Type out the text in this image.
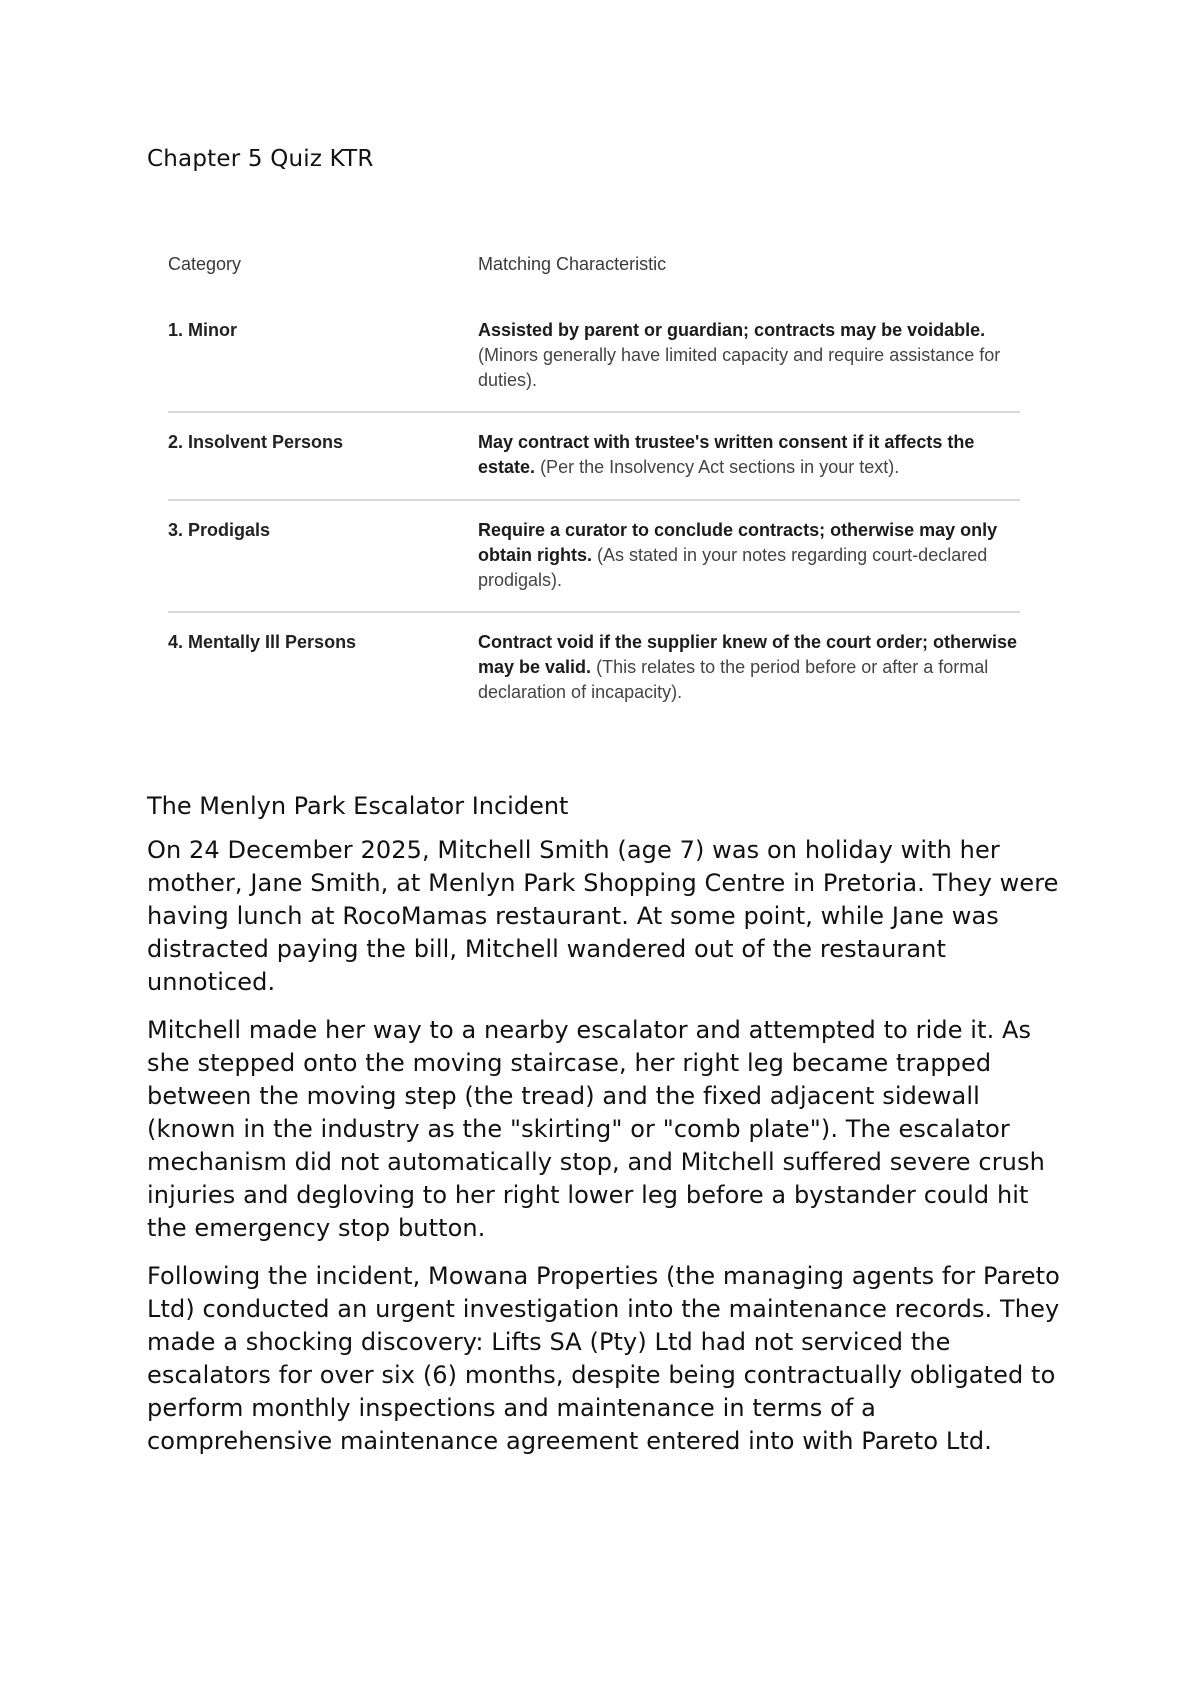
Chapter 5 Quiz KTR
Category	Matching Characteristic
1. Minor	Assisted by parent or guardian; contracts may be voidable. (Minors generally have limited capacity and require assistance for duties).
2. Insolvent Persons	May contract with trustee's written consent if it affects the estate. (Per the Insolvency Act sections in your text).
3. Prodigals	Require a curator to conclude contracts; otherwise may only obtain rights. (As stated in your notes regarding court-declared prodigals).
4. Mentally Ill Persons	Contract void if the supplier knew of the court order; otherwise may be valid. (This relates to the period before or after a formal declaration of incapacity).
The Menlyn Park Escalator Incident

On 24 December 2025, Mitchell Smith (age 7) was on holiday with her mother, Jane Smith, at Menlyn Park Shopping Centre in Pretoria. They were having lunch at RocoMamas restaurant. At some point, while Jane was distracted paying the bill, Mitchell wandered out of the restaurant unnoticed.

Mitchell made her way to a nearby escalator and attempted to ride it. As she stepped onto the moving staircase, her right leg became trapped between the moving step (the tread) and the fixed adjacent sidewall (known in the industry as the "skirting" or "comb plate"). The escalator mechanism did not automatically stop, and Mitchell suffered severe crush injuries and degloving to her right lower leg before a bystander could hit the emergency stop button.

Following the incident, Mowana Properties (the managing agents for Pareto Ltd) conducted an urgent investigation into the maintenance records. They made a shocking discovery: Lifts SA (Pty) Ltd had not serviced the escalators for over six (6) months, despite being contractually obligated to perform monthly inspections and maintenance in terms of a comprehensive maintenance agreement entered into with Pareto Ltd.
